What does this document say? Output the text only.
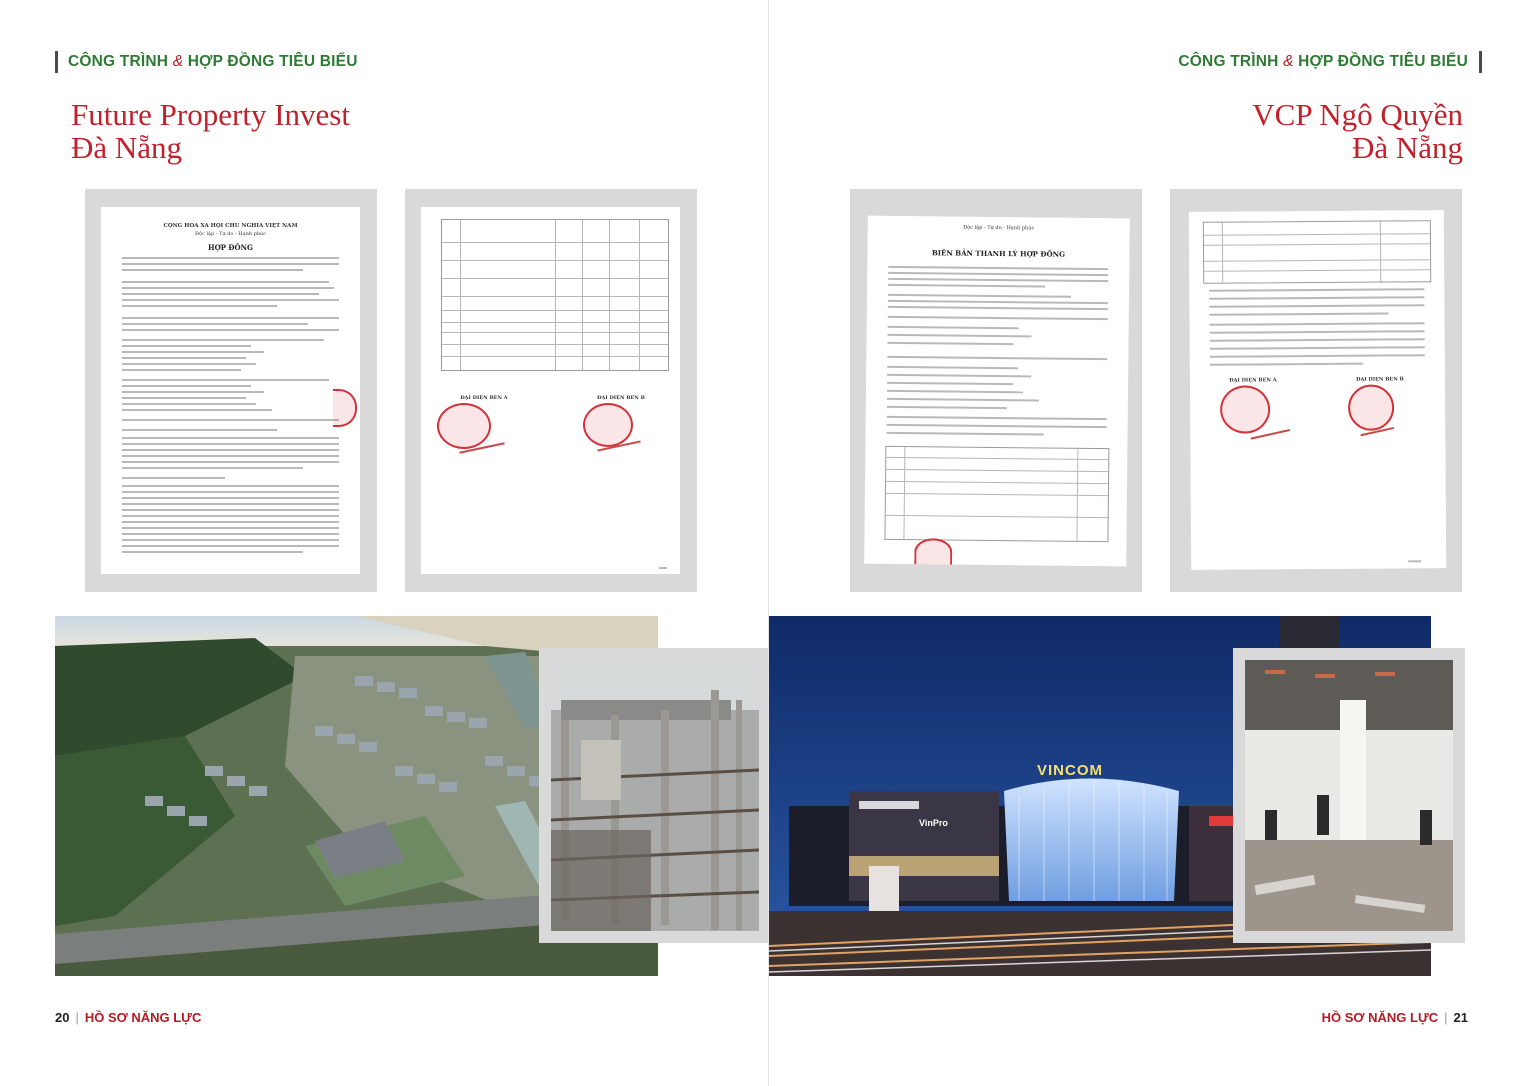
CÔNG TRÌNH & HỢP ĐỒNG TIÊU BIỂU
Future Property Invest
Đà Nẵng
CỘNG HOÀ XÃ HỘI CHỦ NGHĨA VIỆT NAM
Độc lập - Tự do - Hạnh phúc
HỢP ĐỒNG
ĐẠI DIỆN BÊN A	ĐẠI DIỆN BÊN B
20 | HỒ SƠ NĂNG LỰC
CÔNG TRÌNH & HỢP ĐỒNG TIÊU BIỂU
VCP Ngô Quyền
Đà Nẵng
Độc lập - Tự do - Hạnh phúc
BIÊN BẢN THANH LÝ HỢP ĐỒNG
ĐẠI DIỆN BÊN A	ĐẠI DIỆN BÊN B
VINCOM
VinPro
HỒ SƠ NĂNG LỰC | 21
